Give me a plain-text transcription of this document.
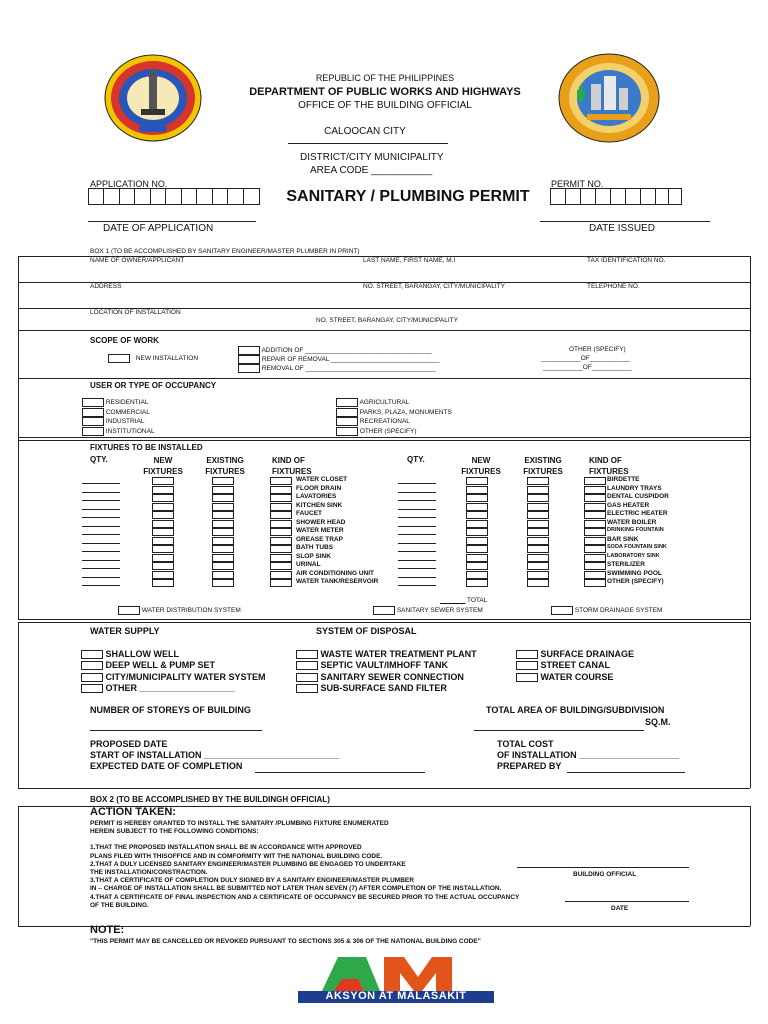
REPUBLIC OF THE PHILIPPINES
DEPARTMENT OF PUBLIC WORKS AND HIGHWAYS
OFFICE OF THE BUILDING OFFICIAL
CALOOCAN CITY
DISTRICT/CITY MUNICIPALITY
AREA CODE ___________
APPLICATION NO.	PERMIT NO.
SANITARY / PLUMBING PERMIT
DATE OF APPLICATION	DATE ISSUED
BOX 1 (TO BE ACCOMPLISHED BY SANITARY ENGINEER/MASTER PLUMBER IN PRINT)
NAME OF OWNER/APPLICANT	LAST NAME, FIRST NAME, M.I	TAX IDENTIFICATION NO.
ADDRESS	NO. STREET, BARANGAY, CITY/MUNICIPALITY	TELEPHONE NO.
LOCATION OF INSTALLATION
NO. STREET, BARANGAY, CITY/MUNICIPALITY
SCOPE OF WORK
NEW INSTALLATION
ADDITION OF ___________________________________
REPAIR OF REMOVAL ______________________________
REMOVAL OF ____________________________________
OTHER (SPECIFY)
___________OF___________
___________OF___________
USER OR TYPE OF OCCUPANCY
RESIDENTIAL
COMMERCIAL
INDUSTRIAL
INSTITUTIONAL
AGRICULTURAL
PARKS, PLAZA, MONUMENTS
RECREATIONAL
OTHER (SPECIFY)
FIXTURES TO BE INSTALLED
QTY.	NEW
FIXTURES
EXISTING
FIXTURES
KIND OF
FIXTURES
QTY.	NEW
FIXTURES
EXISTING
FIXTURES
KIND OF
FIXTURES
WATER CLOSET
FLOOR DRAIN
LAVATORIES
KITCHEN SINK
FAUCET
SHOWER HEAD
WATER METER
GREASE TRAP
BATH TUBS
SLOP SINK
URINAL
AIR CONDITIONING UNIT
WATER TANK/RESERVOIR
BIRDETTE
LAUNDRY TRAYS
DENTAL CUSPIDOR
GAS HEATER
ELECTRIC HEATER
WATER BOILER
DRINKING FOUNTAIN
BAR SINK
SODA FOUNTAIN SINK
LABORATORY SINK
STERILIZER
SWIMMING POOL
OTHER (SPECIFY)
TOTAL
WATER DISTRIBUTION SYSTEM	SANITARY SEWER SYSTEM	STORM DRAINAGE SYSTEM
WATER SUPPLY	SYSTEM OF DISPOSAL
SHALLOW WELL
DEEP WELL & PUMP SET
CITY/MUNICIPALITY WATER SYSTEM
OTHER ___________________
WASTE WATER TREATMENT PLANT
SEPTIC VAULT/IMHOFF TANK
SANITARY SEWER CONNECTION
SUB-SURFACE SAND FILTER
SURFACE DRAINAGE
STREET CANAL
WATER COURSE
NUMBER OF STOREYS OF BUILDING	TOTAL AREA OF BUILDING/SUBDIVISION
SQ.M.
PROPOSED DATE
START OF INSTALLATION ___________________________
EXPECTED DATE OF COMPLETION
TOTAL COST
OF INSTALLATION ____________________
PREPARED BY
BOX 2 (TO BE ACCOMPLISHED BY THE BUILDINGH OFFICIAL)
ACTION TAKEN:
PERMIT IS HEREBY GRANTED TO INSTALL THE SANITARY /PLUMBING FIXTURE ENUMERATED
HEREIN SUBJECT TO THE FOLLOWING CONDITIONS:
1.THAT THE PROPOSED INSTALLATION SHALL BE IN ACCORDANCE WITH APPROVED
PLANS FILED WITH THISOFFICE AND IN COMFORMITY WIT THE NATIONAL BUIILDING CODE.
2.THAT A DULY LICENSED SANITARY ENGINEER/MASTER PLUMBING BE ENGAGED TO UNDERTAKE
THE INSTALLATION/CONSTRACTION.
3.THAT A CERTIFICATE OF COMPLETION DULY SIGNED BY A SANITARY ENGINEER/MASTER PLUMBER
IN – CHARGE OF INSTALLATION SHALL BE SUBMITTED NOT LATER THAN SEVEN (7) AFTER COMPLETION OF THE INSTALLATION.
4.THAT A CERTIFICATE OF FINAL INSPECTION AND A CERTIFICATE OF OCCUPANCY BE SECURED PRIOR TO THE ACTUAL OCCUPANCY
OF THE BUILDING.
BUILDING OFFICIAL
DATE
NOTE:
"THIS PERMIT MAY BE CANCELLED OR REVOKED PURSUANT TO SECTIONS 305 & 306 OF THE NATIONAL BUILDING CODE"
AKSYON AT MALASAKIT
